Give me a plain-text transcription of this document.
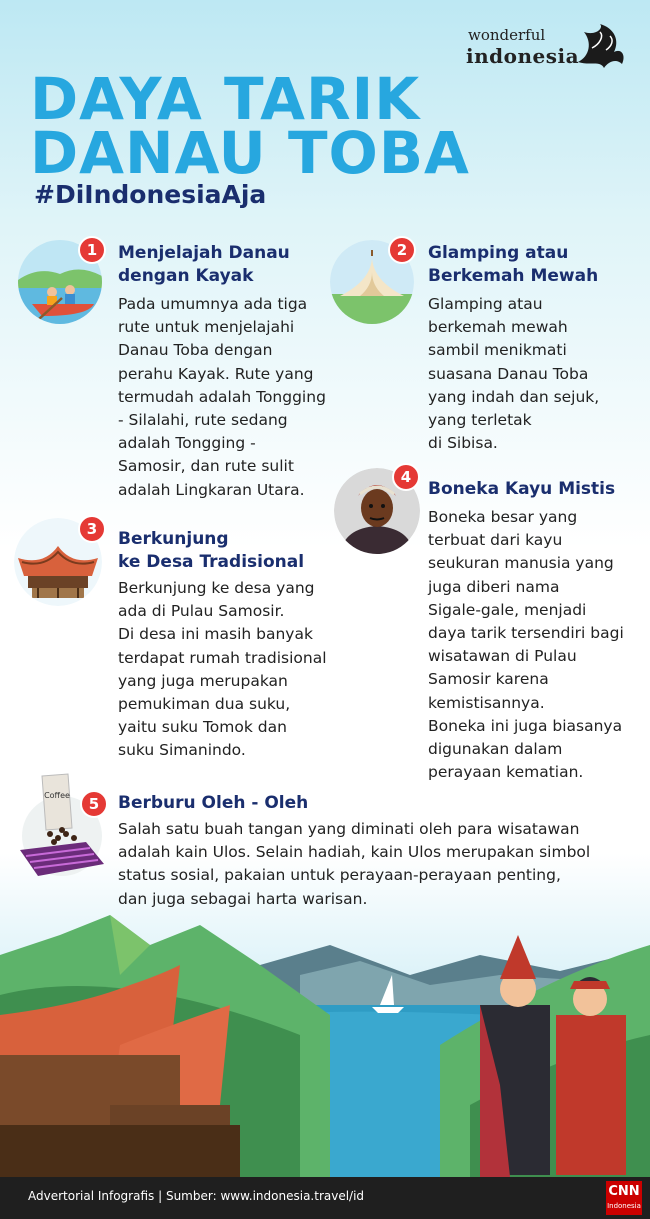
wonderful
indonesia
DAYA TARIK
DANAU TOBA
#DiIndonesiaAja
1	Menjelajah Danau
dengan Kayak
Pada umumnya ada tiga
rute untuk menjelajahi
Danau Toba dengan
perahu Kayak. Rute yang
termudah adalah Tongging
- Silalahi, rute sedang
adalah Tongging -
Samosir, dan rute sulit
adalah Lingkaran Utara.
2	Glamping atau
Berkemah Mewah
Glamping atau
berkemah mewah
sambil menikmati
suasana Danau Toba
yang indah dan sejuk,
yang terletak
di Sibisa.
3	Berkunjung
ke Desa Tradisional
Berkunjung ke desa yang
ada di Pulau Samosir.
Di desa ini masih banyak
terdapat rumah tradisional
yang juga merupakan
pemukiman dua suku,
yaitu suku Tomok dan
suku Simanindo.
4
Boneka Kayu Mistis
Boneka besar yang
terbuat dari kayu
seukuran manusia yang
juga diberi nama
Sigale-gale, menjadi
daya tarik tersendiri bagi
wisatawan di Pulau
Samosir karena
kemistisannya.
Boneka ini juga biasanya
digunakan dalam
perayaan kematian.
Coffee	5	Berburu Oleh - Oleh
Salah satu buah tangan yang diminati oleh para wisatawan
adalah kain Ulos. Selain hadiah, kain Ulos merupakan simbol
status sosial, pakaian untuk perayaan-perayaan penting,
dan juga sebagai harta warisan.
Advertorial Infografis | Sumber: www.indonesia.travel/id	CNN
Indonesia
